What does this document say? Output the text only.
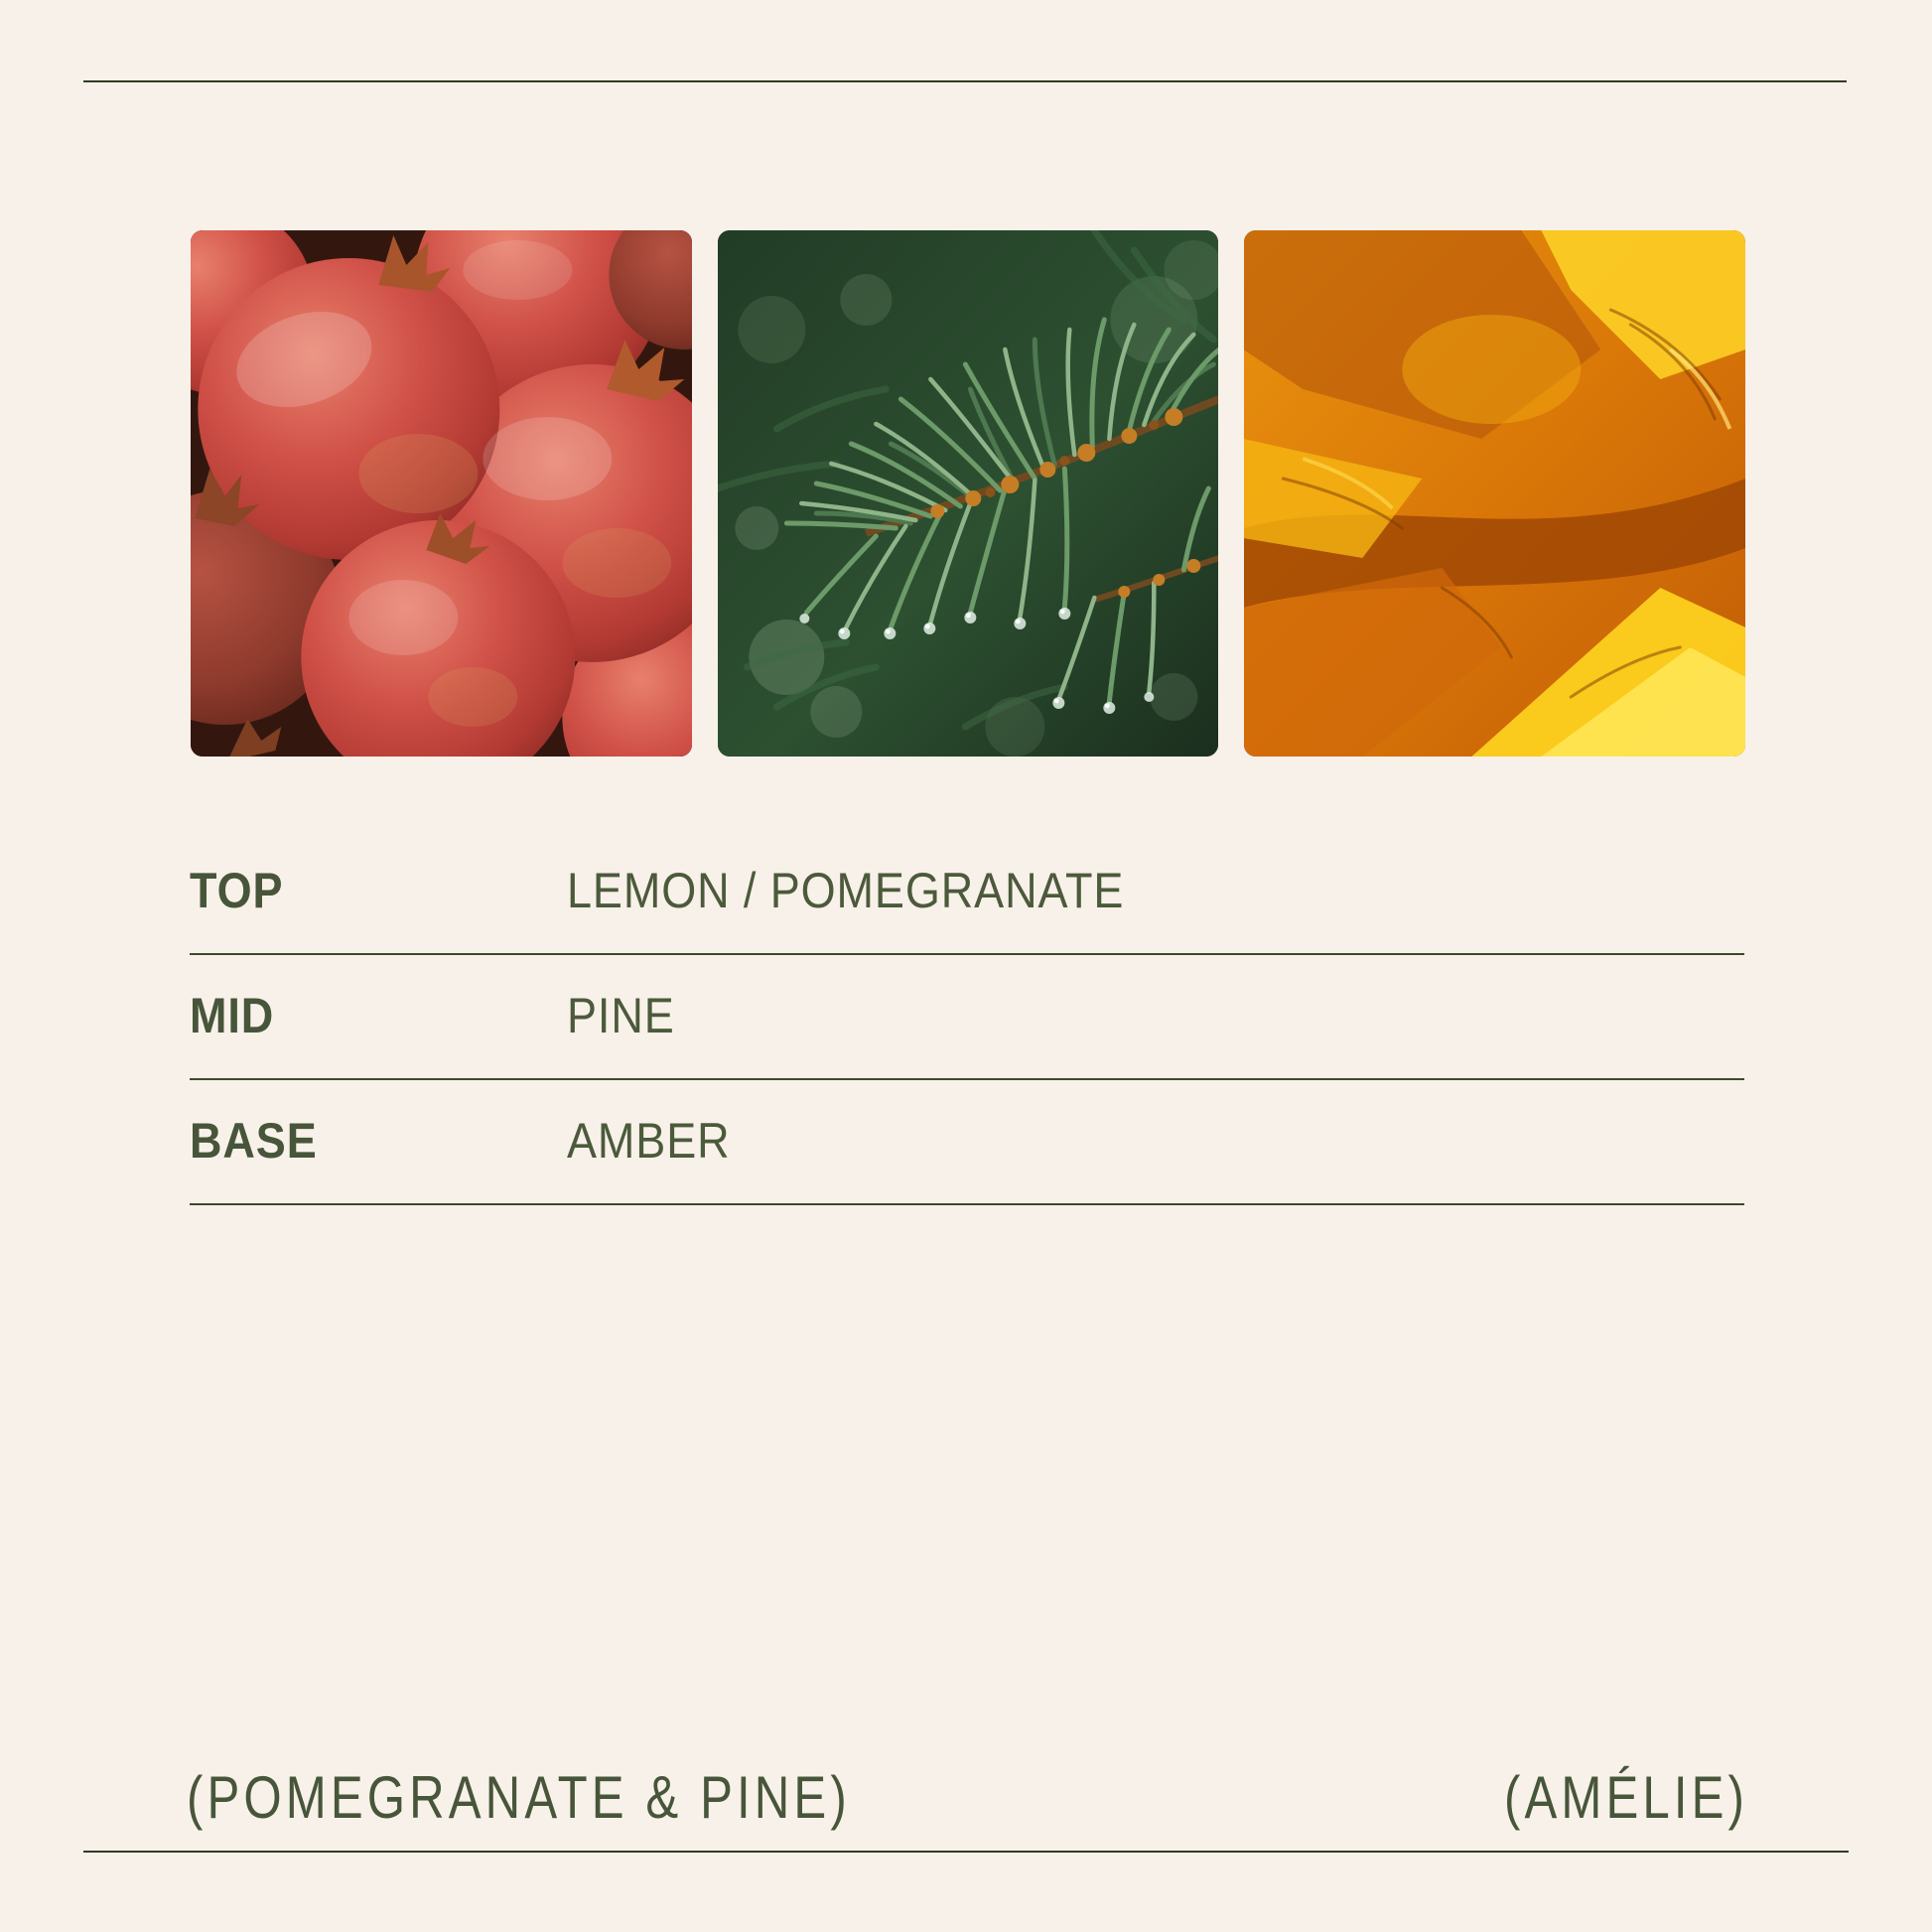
TOP	LEMON / POMEGRANATE
MID	PINE
BASE	AMBER
(POMEGRANATE & PINE)	(AMÉLIE)
